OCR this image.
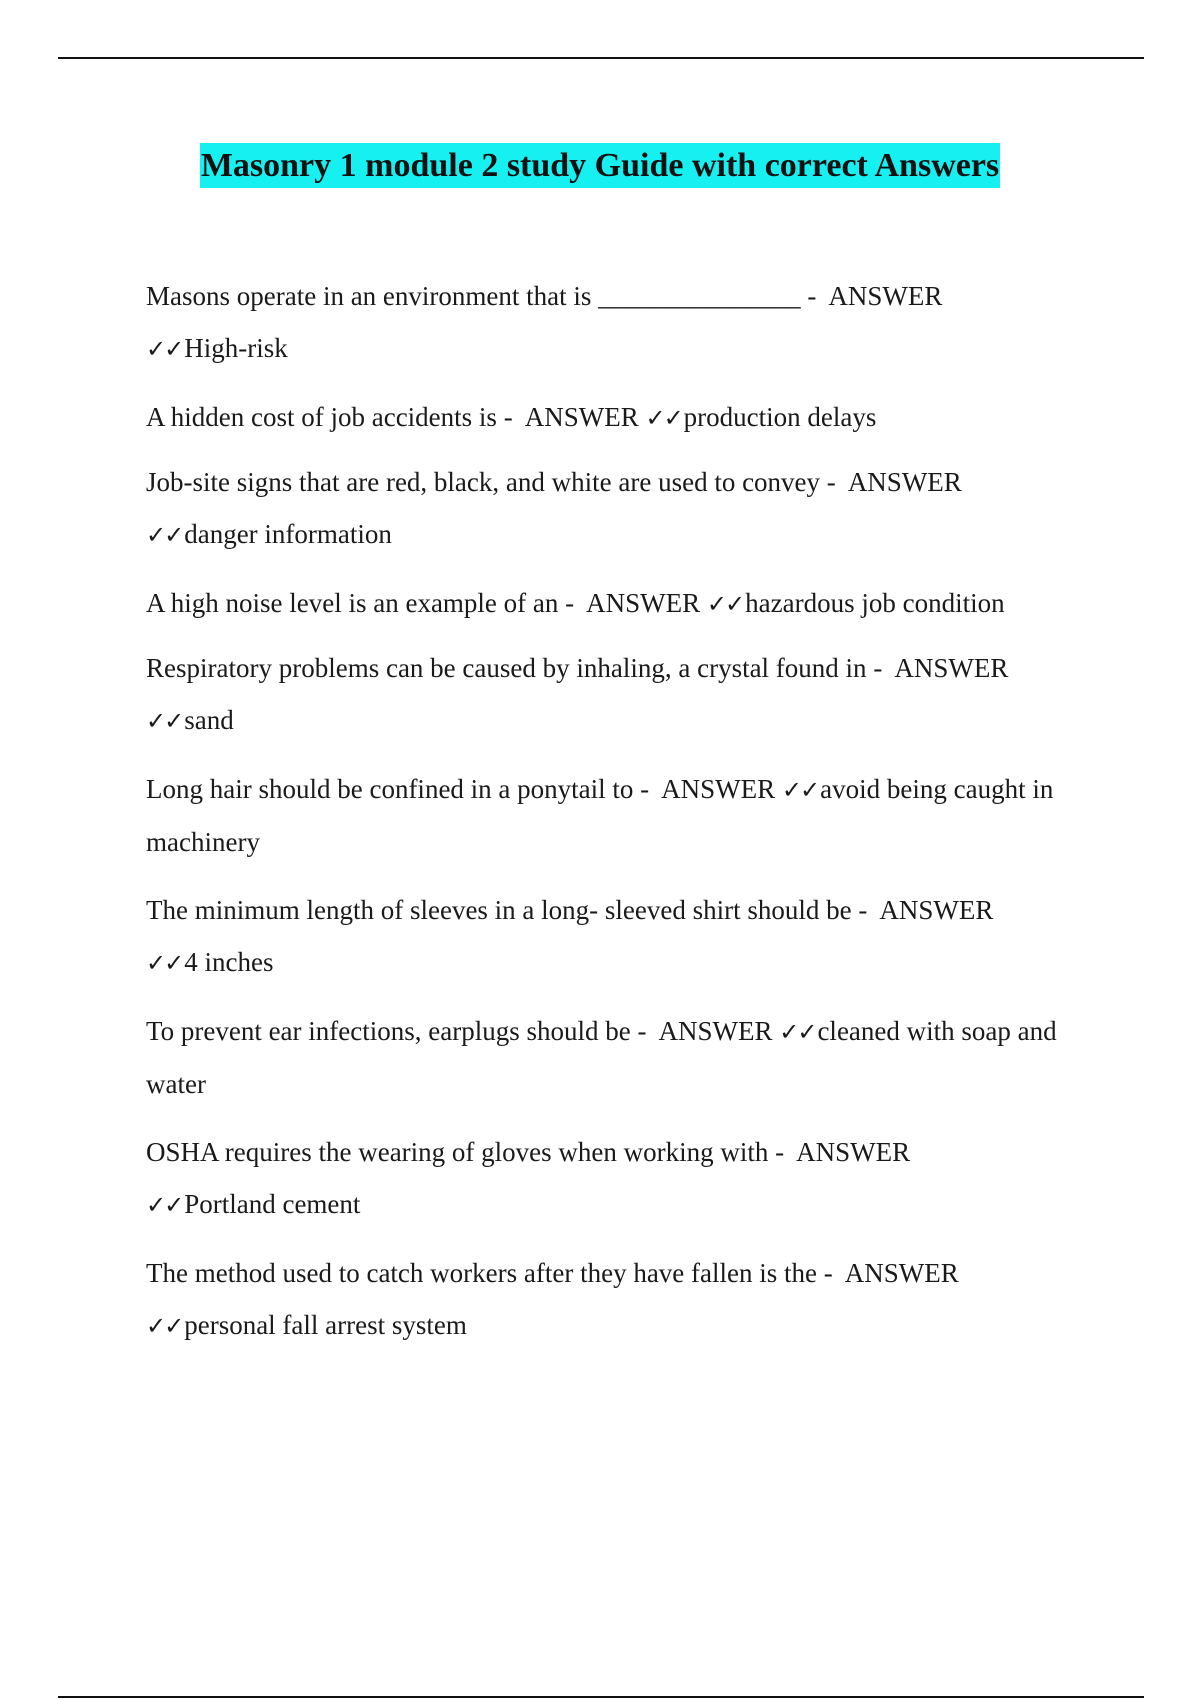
Masonry 1 module 2 study Guide with correct Answers
Masons operate in an environment that is _______________ -  ANSWER
✓✓High-risk
A hidden cost of job accidents is -  ANSWER ✓✓production delays
Job-site signs that are red, black, and white are used to convey -  ANSWER
✓✓danger information
A high noise level is an example of an -  ANSWER ✓✓hazardous job condition
Respiratory problems can be caused by inhaling, a crystal found in -  ANSWER
✓✓sand
Long hair should be confined in a ponytail to -  ANSWER ✓✓avoid being caught in machinery
The minimum length of sleeves in a long- sleeved shirt should be -  ANSWER
✓✓4 inches
To prevent ear infections, earplugs should be -  ANSWER ✓✓cleaned with soap and water
OSHA requires the wearing of gloves when working with -  ANSWER
✓✓Portland cement
The method used to catch workers after they have fallen is the -  ANSWER
✓✓personal fall arrest system
